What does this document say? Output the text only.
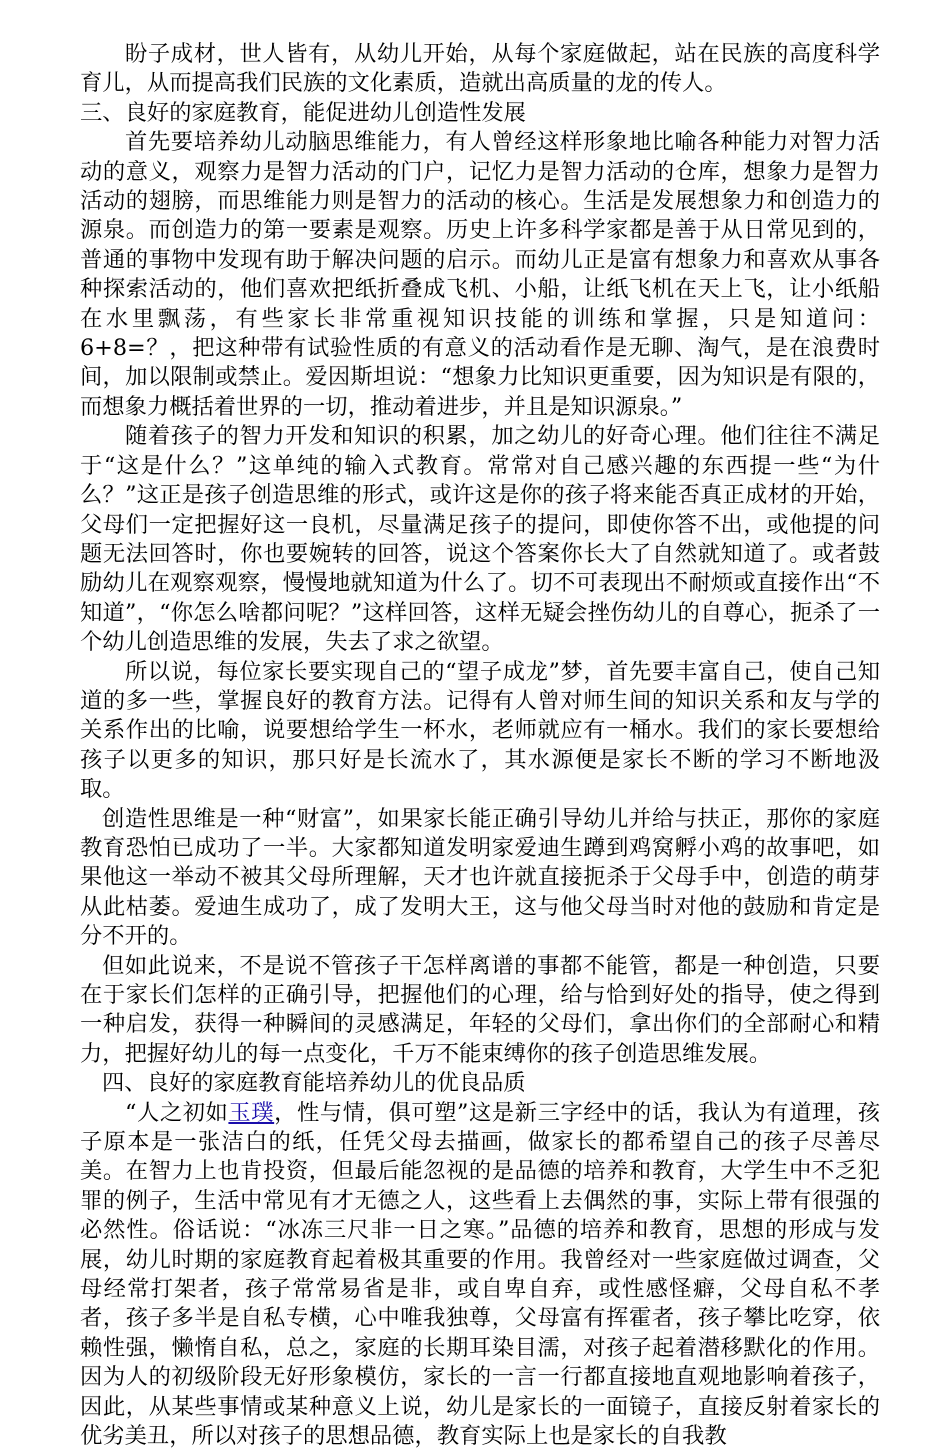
盼子成材，世人皆有，从幼儿开始，从每个家庭做起，站在民族的高度科学育儿，从而提高我们民族的文化素质，造就出高质量的龙的传人。

三、良好的家庭教育，能促进幼儿创造性发展

首先要培养幼儿动脑思维能力，有人曾经这样形象地比喻各种能力对智力活动的意义，观察力是智力活动的门户，记忆力是智力活动的仓库，想象力是智力活动的翅膀，而思维能力则是智力的活动的核心。生活是发展想象力和创造力的源泉。而创造力的第一要素是观察。历史上许多科学家都是善于从日常见到的，普通的事物中发现有助于解决问题的启示。而幼儿正是富有想象力和喜欢从事各种探索活动的，他们喜欢把纸折叠成飞机、小船，让纸飞机在天上飞，让小纸船在水里飘荡，有些家长非常重视知识技能的训练和掌握，只是知道问：6+8=？，把这种带有试验性质的有意义的活动看作是无聊、淘气，是在浪费时间，加以限制或禁止。爱因斯坦说：“想象力比知识更重要，因为知识是有限的，而想象力概括着世界的一切，推动着进步，并且是知识源泉。”

随着孩子的智力开发和知识的积累，加之幼儿的好奇心理。他们往往不满足于“这是什么？”这单纯的输入式教育。常常对自己感兴趣的东西提一些“为什么？”这正是孩子创造思维的形式，或许这是你的孩子将来能否真正成材的开始，父母们一定把握好这一良机，尽量满足孩子的提问，即使你答不出，或他提的问题无法回答时，你也要婉转的回答，说这个答案你长大了自然就知道了。或者鼓励幼儿在观察观察，慢慢地就知道为什么了。切不可表现出不耐烦或直接作出“不知道”，“你怎么啥都问呢？”这样回答，这样无疑会挫伤幼儿的自尊心，扼杀了一个幼儿创造思维的发展，失去了求之欲望。

所以说，每位家长要实现自己的“望子成龙”梦，首先要丰富自己，使自己知道的多一些，掌握良好的教育方法。记得有人曾对师生间的知识关系和友与学的关系作出的比喻，说要想给学生一杯水，老师就应有一桶水。我们的家长要想给孩子以更多的知识，那只好是长流水了，其水源便是家长不断的学习不断地汲取。

创造性思维是一种“财富”，如果家长能正确引导幼儿并给与扶正，那你的家庭教育恐怕已成功了一半。大家都知道发明家爱迪生蹲到鸡窝孵小鸡的故事吧，如果他这一举动不被其父母所理解，天才也许就直接扼杀于父母手中，创造的萌芽从此枯萎。爱迪生成功了，成了发明大王，这与他父母当时对他的鼓励和肯定是分不开的。

但如此说来，不是说不管孩子干怎样离谱的事都不能管，都是一种创造，只要在于家长们怎样的正确引导，把握他们的心理，给与恰到好处的指导，使之得到一种启发，获得一种瞬间的灵感满足，年轻的父母们，拿出你们的全部耐心和精力，把握好幼儿的每一点变化，千万不能束缚你的孩子创造思维发展。

四、良好的家庭教育能培养幼儿的优良品质

“人之初如玉璞，性与情，俱可塑”这是新三字经中的话，我认为有道理，孩子原本是一张洁白的纸，任凭父母去描画，做家长的都希望自己的孩子尽善尽美。在智力上也肯投资，但最后能忽视的是品德的培养和教育，大学生中不乏犯罪的例子，生活中常见有才无德之人，这些看上去偶然的事，实际上带有很强的必然性。俗话说：“冰冻三尺非一日之寒。”品德的培养和教育，思想的形成与发展，幼儿时期的家庭教育起着极其重要的作用。我曾经对一些家庭做过调查，父母经常打架者，孩子常常易省是非，或自卑自弃，或性感怪癖，父母自私不孝者，孩子多半是自私专横，心中唯我独尊，父母富有挥霍者，孩子攀比吃穿，依赖性强，懒惰自私，总之，家庭的长期耳染目濡，对孩子起着潜移默化的作用。因为人的初级阶段无好形象模仿，家长的一言一行都直接地直观地影响着孩子，因此，从某些事情或某种意义上说，幼儿是家长的一面镜子，直接反射着家长的优劣美丑，所以对孩子的思想品德，教育实际上也是家长的自我教
